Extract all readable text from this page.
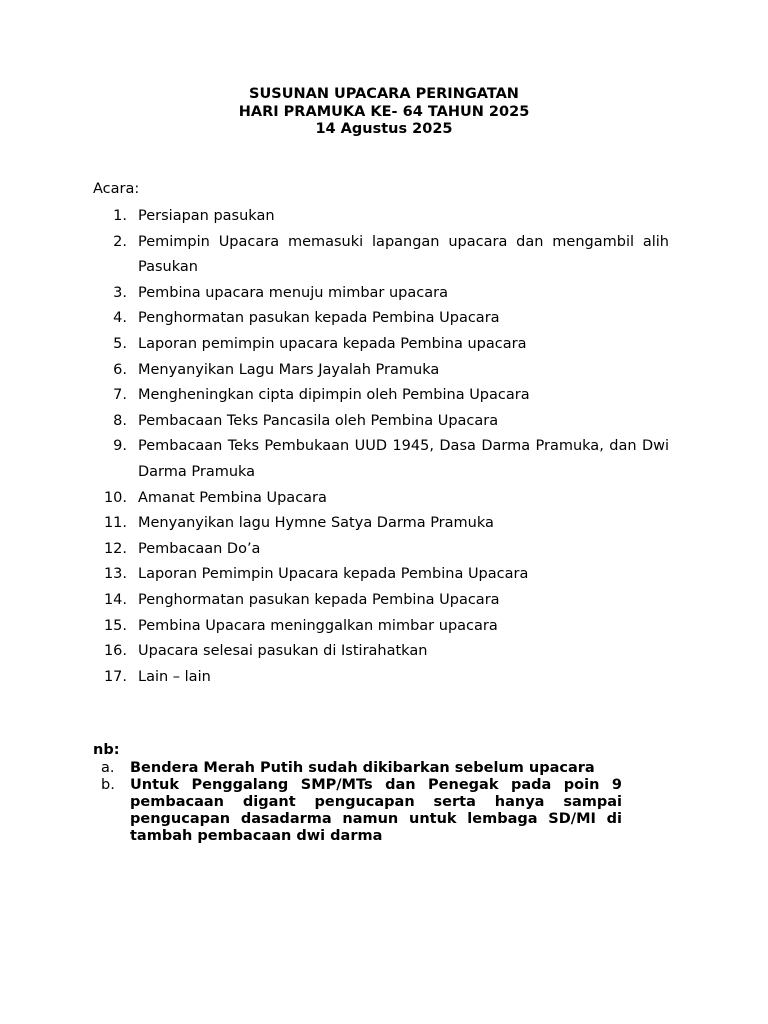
SUSUNAN UPACARA PERINGATAN
HARI PRAMUKA KE- 64 TAHUN 2025
14 Agustus 2025
Acara:
1. Persiapan pasukan
2. Pemimpin Upacara memasuki lapangan upacara dan mengambil alih Pasukan
3. Pembina upacara menuju mimbar upacara
4. Penghormatan pasukan kepada Pembina Upacara
5. Laporan pemimpin upacara kepada Pembina upacara
6. Menyanyikan Lagu Mars Jayalah Pramuka
7. Mengheningkan cipta dipimpin oleh Pembina Upacara
8. Pembacaan Teks Pancasila oleh Pembina Upacara
9. Pembacaan Teks Pembukaan UUD 1945, Dasa Darma Pramuka, dan Dwi Darma Pramuka
10. Amanat Pembina Upacara
11. Menyanyikan lagu Hymne Satya Darma Pramuka
12. Pembacaan Do’a
13. Laporan Pemimpin Upacara kepada Pembina Upacara
14. Penghormatan pasukan kepada Pembina Upacara
15. Pembina Upacara meninggalkan mimbar upacara
16. Upacara selesai pasukan di Istirahatkan
17. Lain – lain
nb:
a. Bendera Merah Putih sudah dikibarkan sebelum upacara
b. Untuk Penggalang SMP/MTs dan Penegak pada poin 9 pembacaan digant pengucapan serta hanya sampai pengucapan dasadarma namun untuk lembaga SD/MI di tambah pembacaan dwi darma
